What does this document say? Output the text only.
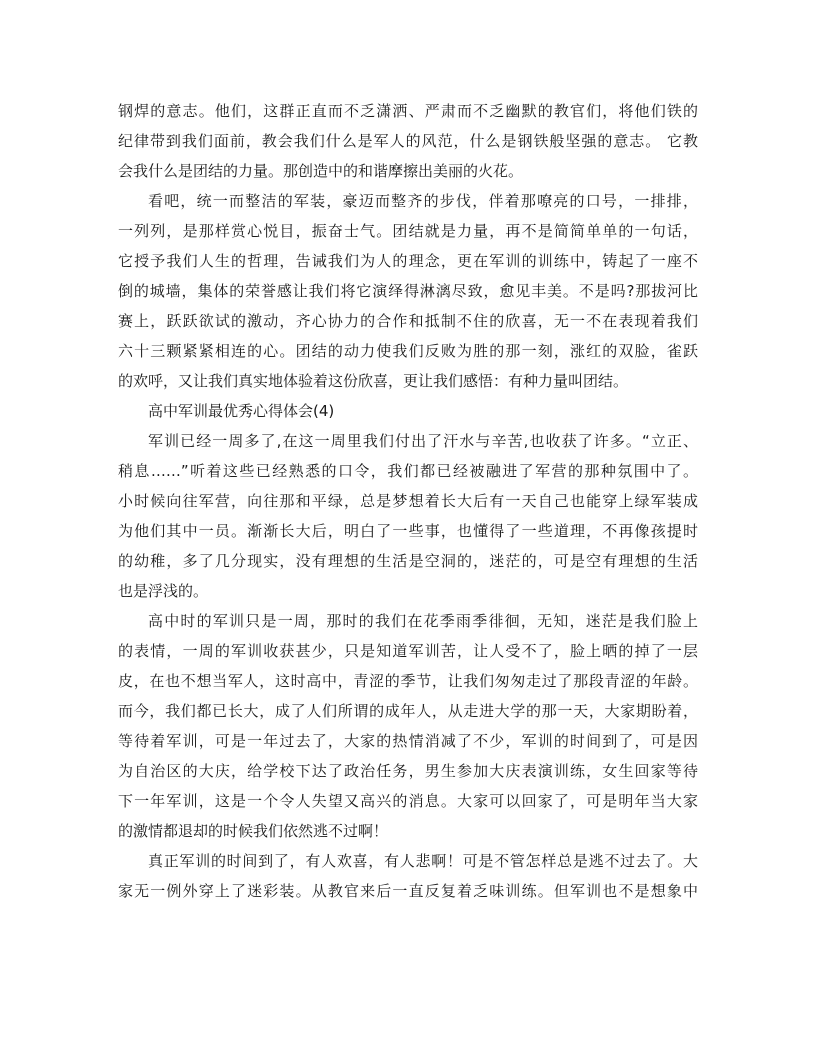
钢焊的意志。他们，这群正直而不乏潇洒、严肃而不乏幽默的教官们，将他们铁的
纪律带到我们面前，教会我们什么是军人的风范，什么是钢铁般坚强的意志。 它教
会我什么是团结的力量。那创造中的和谐摩擦出美丽的火花。
看吧，统一而整洁的军装，豪迈而整齐的步伐，伴着那嘹亮的口号，一排排，
一列列，是那样赏心悦目，振奋士气。团结就是力量，再不是简简单单的一句话，
它授予我们人生的哲理，告诫我们为人的理念，更在军训的训练中，铸起了一座不
倒的城墙，集体的荣誉感让我们将它演绎得淋漓尽致，愈见丰美。不是吗?那拔河比
赛上，跃跃欲试的激动，齐心协力的合作和抵制不住的欣喜，无一不在表现着我们
六十三颗紧紧相连的心。团结的动力使我们反败为胜的那一刻，涨红的双脸，雀跃
的欢呼，又让我们真实地体验着这份欣喜，更让我们感悟：有种力量叫团结。
高中军训最优秀心得体会(4)
军训已经一周多了,在这一周里我们付出了汗水与辛苦,也收获了许多。“立正、
稍息……”听着这些已经熟悉的口令，我们都已经被融进了军营的那种氛围中了。
小时候向往军营，向往那和平绿，总是梦想着长大后有一天自己也能穿上绿军装成
为他们其中一员。渐渐长大后，明白了一些事，也懂得了一些道理，不再像孩提时
的幼稚，多了几分现实，没有理想的生活是空洞的，迷茫的，可是空有理想的生活
也是浮浅的。
高中时的军训只是一周，那时的我们在花季雨季徘徊，无知，迷茫是我们脸上
的表情，一周的军训收获甚少，只是知道军训苦，让人受不了，脸上晒的掉了一层
皮，在也不想当军人，这时高中，青涩的季节，让我们匆匆走过了那段青涩的年龄。
而今，我们都已长大，成了人们所谓的成年人，从走进大学的那一天，大家期盼着，
等待着军训，可是一年过去了，大家的热情消减了不少，军训的时间到了，可是因
为自治区的大庆，给学校下达了政治任务，男生参加大庆表演训练，女生回家等待
下一年军训，这是一个令人失望又高兴的消息。大家可以回家了，可是明年当大家
的激情都退却的时候我们依然逃不过啊！
真正军训的时间到了，有人欢喜，有人悲啊！可是不管怎样总是逃不过去了。大
家无一例外穿上了迷彩装。从教官来后一直反复着乏味训练。但军训也不是想象中
